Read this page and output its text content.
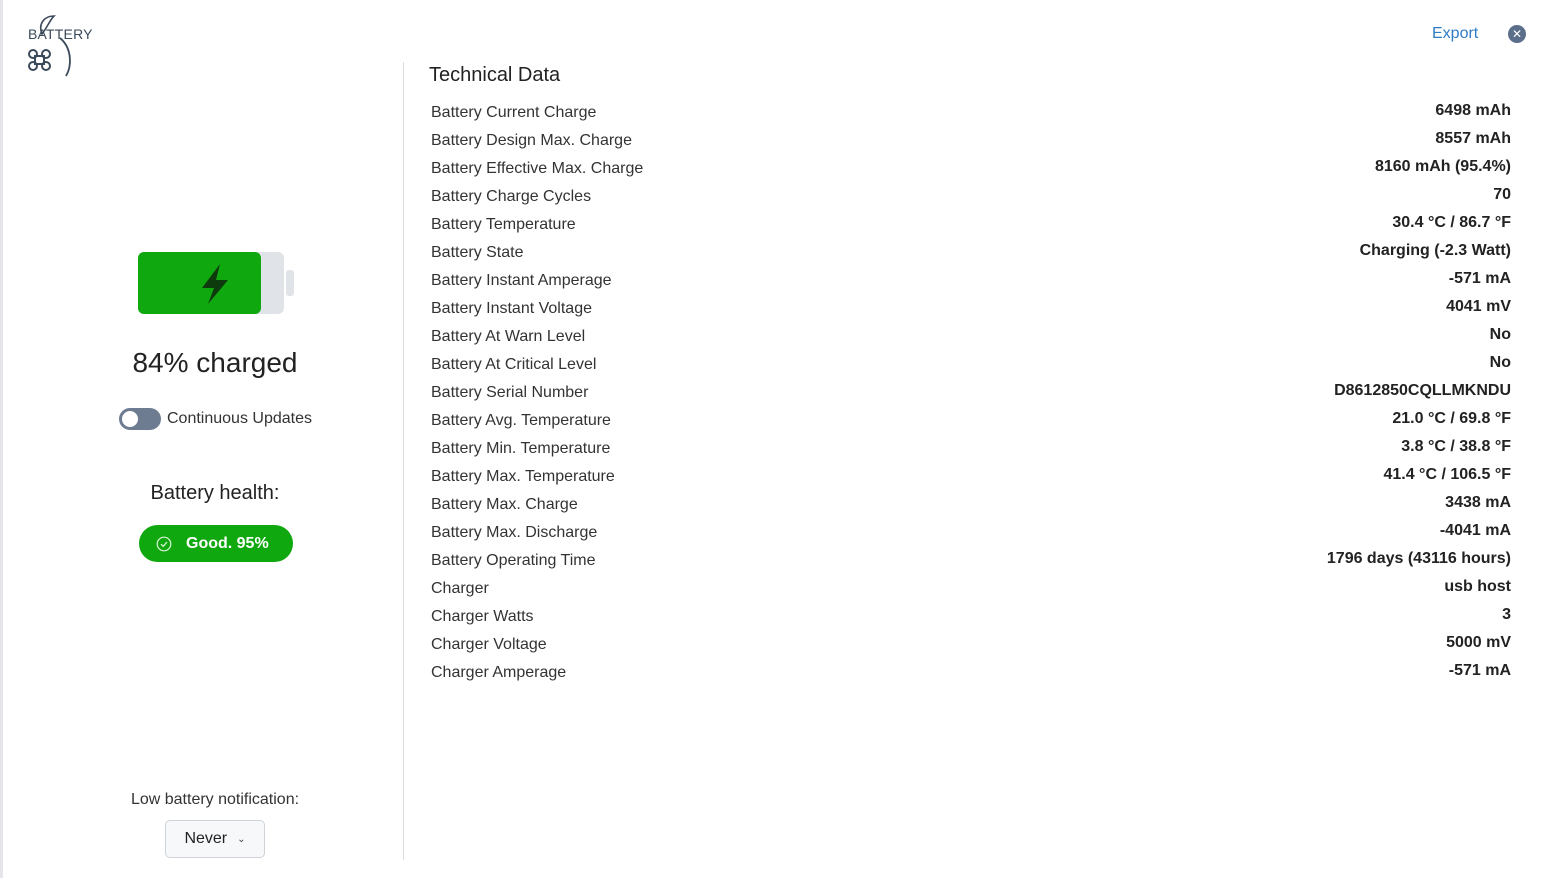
BATTERY	Export	✕
84% charged
Continuous Updates
Battery health:
Good. 95%
Low battery notification:
Never ⌄
Technical Data
Battery Current Charge	6498 mAh
Battery Design Max. Charge	8557 mAh
Battery Effective Max. Charge	8160 mAh (95.4%)
Battery Charge Cycles	70
Battery Temperature	30.4 °C / 86.7 °F
Battery State	Charging (-2.3 Watt)
Battery Instant Amperage	-571 mA
Battery Instant Voltage	4041 mV
Battery At Warn Level	No
Battery At Critical Level	No
Battery Serial Number	D8612850CQLLMKNDU
Battery Avg. Temperature	21.0 °C / 69.8 °F
Battery Min. Temperature	3.8 °C / 38.8 °F
Battery Max. Temperature	41.4 °C / 106.5 °F
Battery Max. Charge	3438 mA
Battery Max. Discharge	-4041 mA
Battery Operating Time	1796 days (43116 hours)
Charger	usb host
Charger Watts	3
Charger Voltage	5000 mV
Charger Amperage	-571 mA
